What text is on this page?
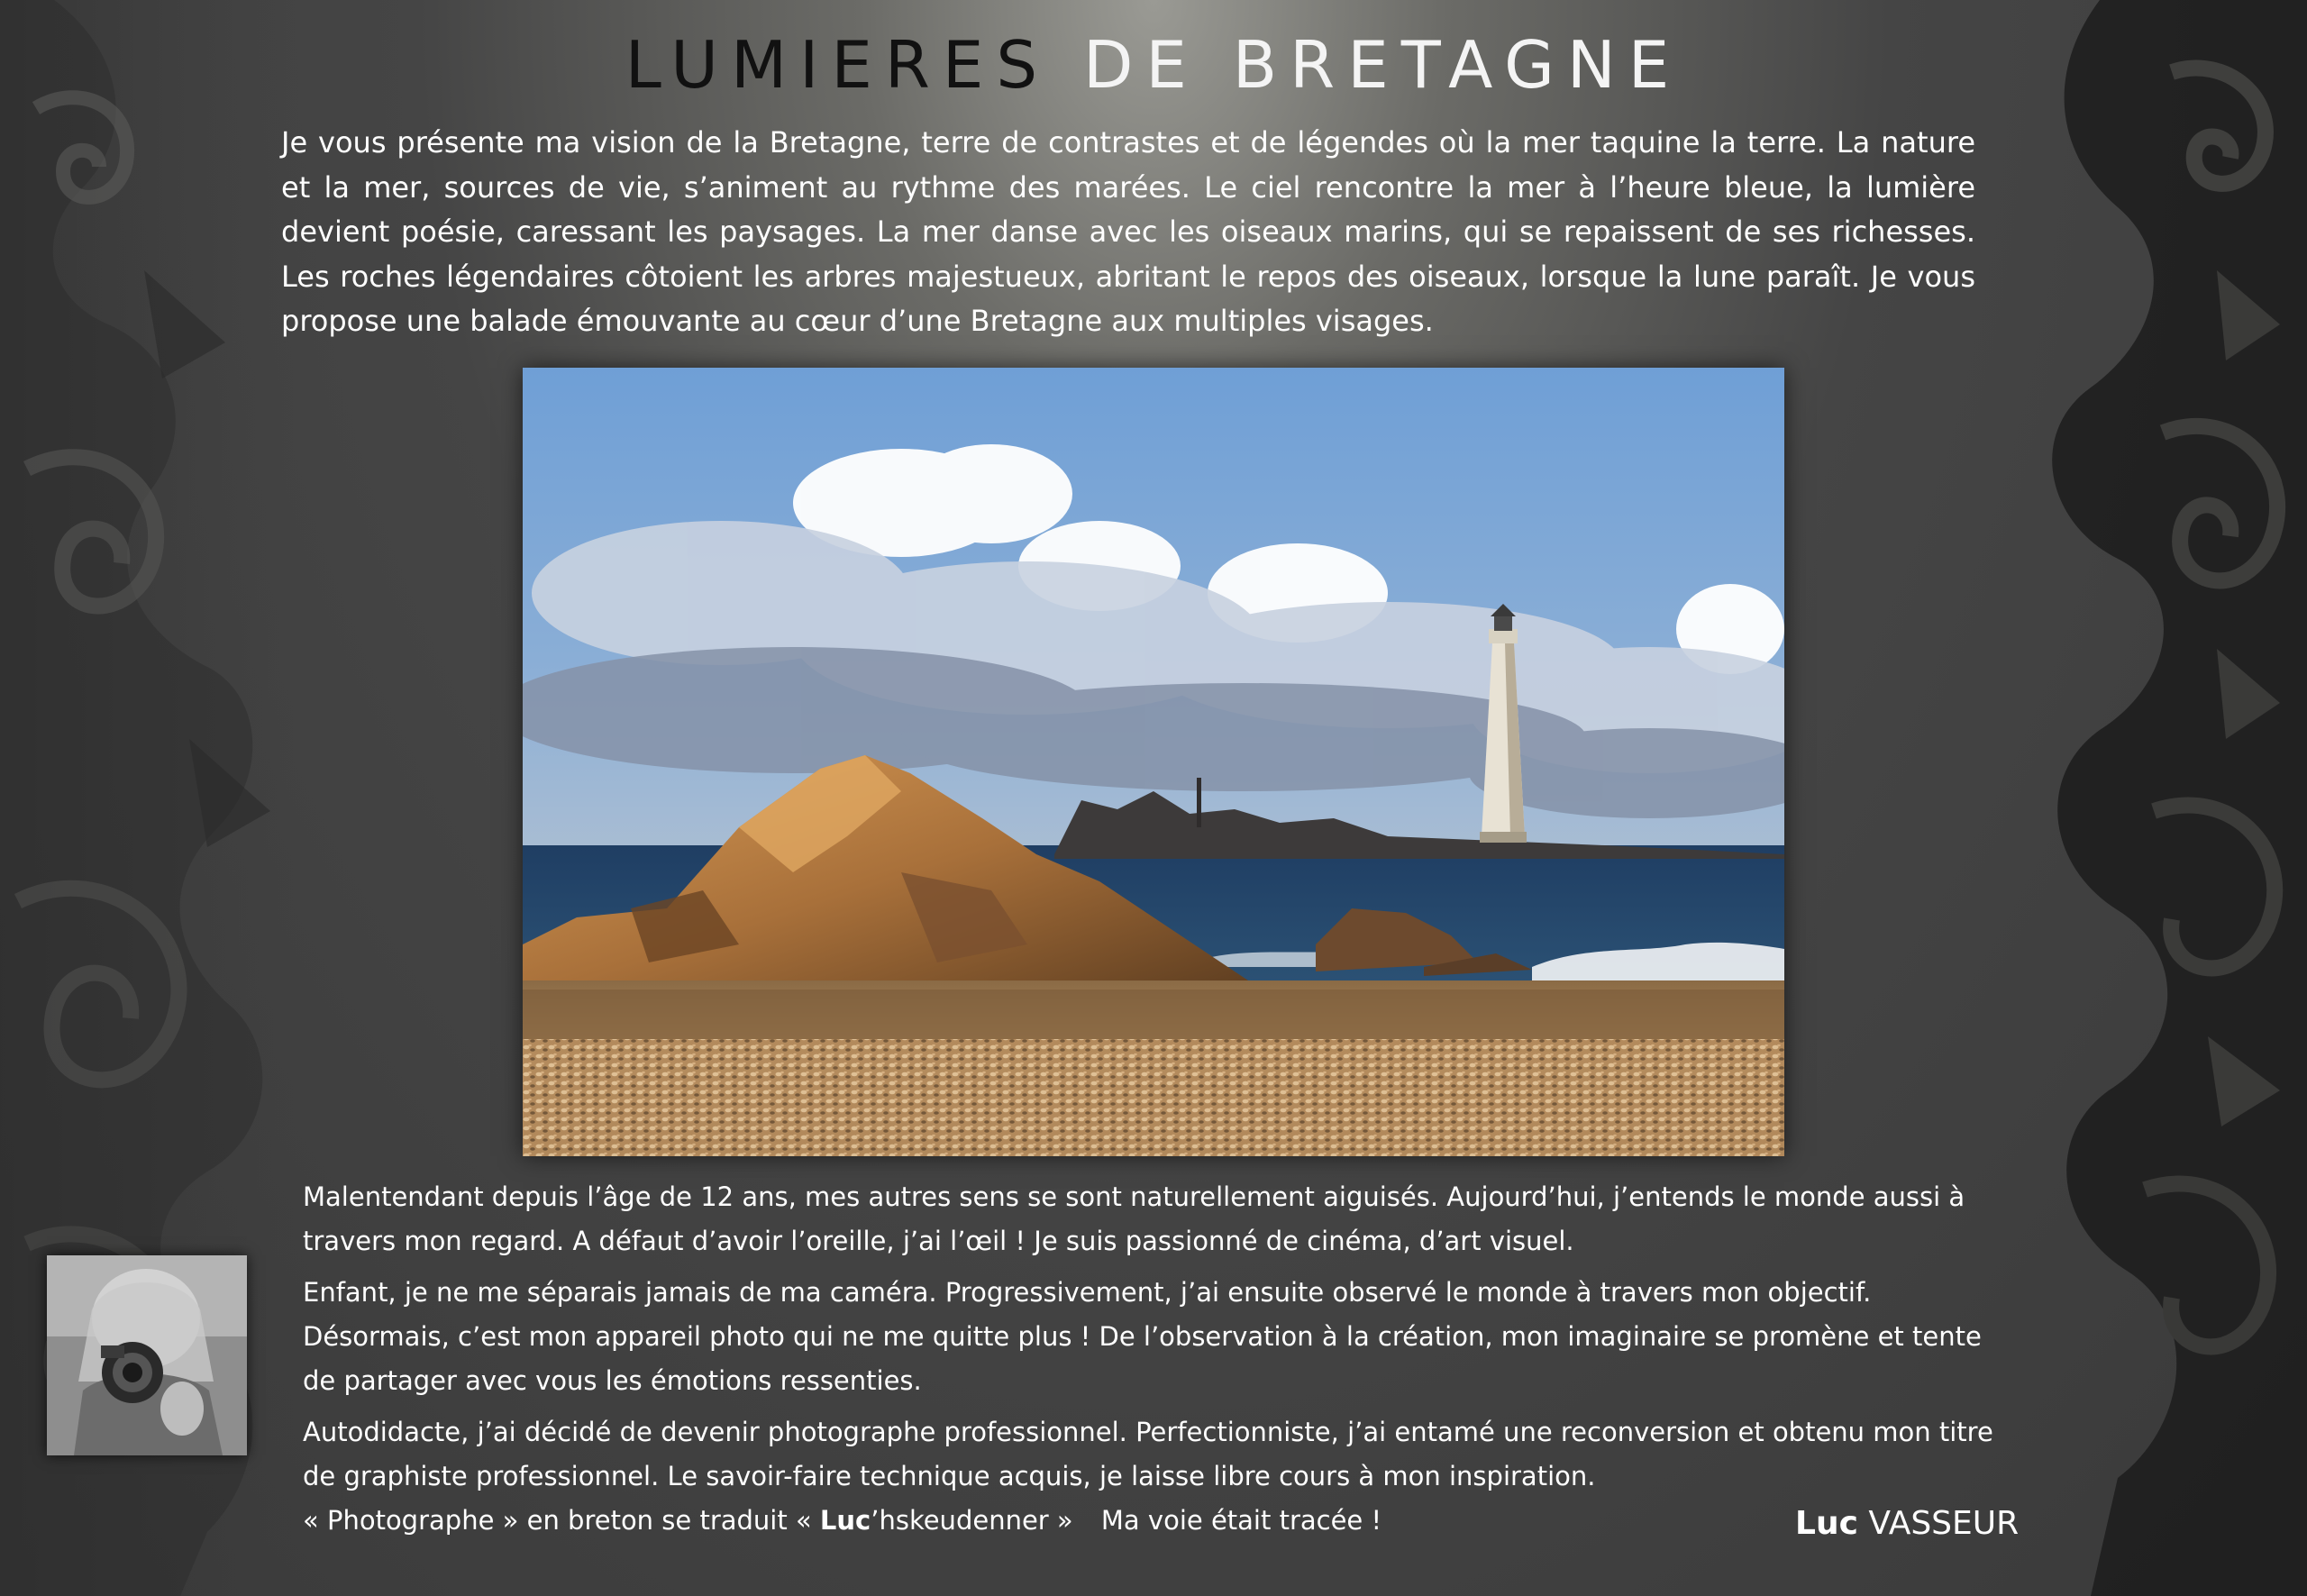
LUMIERES DE BRETAGNE

Je vous présente ma vision de la Bretagne, terre de contrastes et de légendes où la mer taquine la terre. La nature et la mer, sources de vie, s’animent au rythme des marées. Le ciel rencontre la mer à l’heure bleue, la lumière devient poésie, caressant les paysages. La mer danse avec les oiseaux marins, qui se repaissent de ses richesses. Les roches légendaires côtoient les arbres majestueux, abritant le repos des oiseaux, lorsque la lune paraît. Je vous propose une balade émouvante au cœur d’une Bretagne aux multiples visages.

Malentendant depuis l’âge de 12 ans, mes autres sens se sont naturellement aiguisés. Aujourd’hui, j’entends le monde aussi à travers mon regard. A défaut d’avoir l’oreille, j’ai l’œil ! Je suis passionné de cinéma, d’art visuel.

Enfant, je ne me séparais jamais de ma caméra. Progressivement, j’ai ensuite observé le monde à travers mon objectif. Désormais, c’est mon appareil photo qui ne me quitte plus ! De l’observation à la création, mon imaginaire se promène et tente de partager avec vous les émotions ressenties.

Autodidacte, j’ai décidé de devenir photographe professionnel. Perfectionniste, j’ai entamé une reconversion et obtenu mon titre de graphiste professionnel. Le savoir-faire technique acquis, je laisse libre cours à mon inspiration.
« Photographe » en breton se traduit « Luc’hskeudenner » Ma voie était tracée !	Luc VASSEUR
